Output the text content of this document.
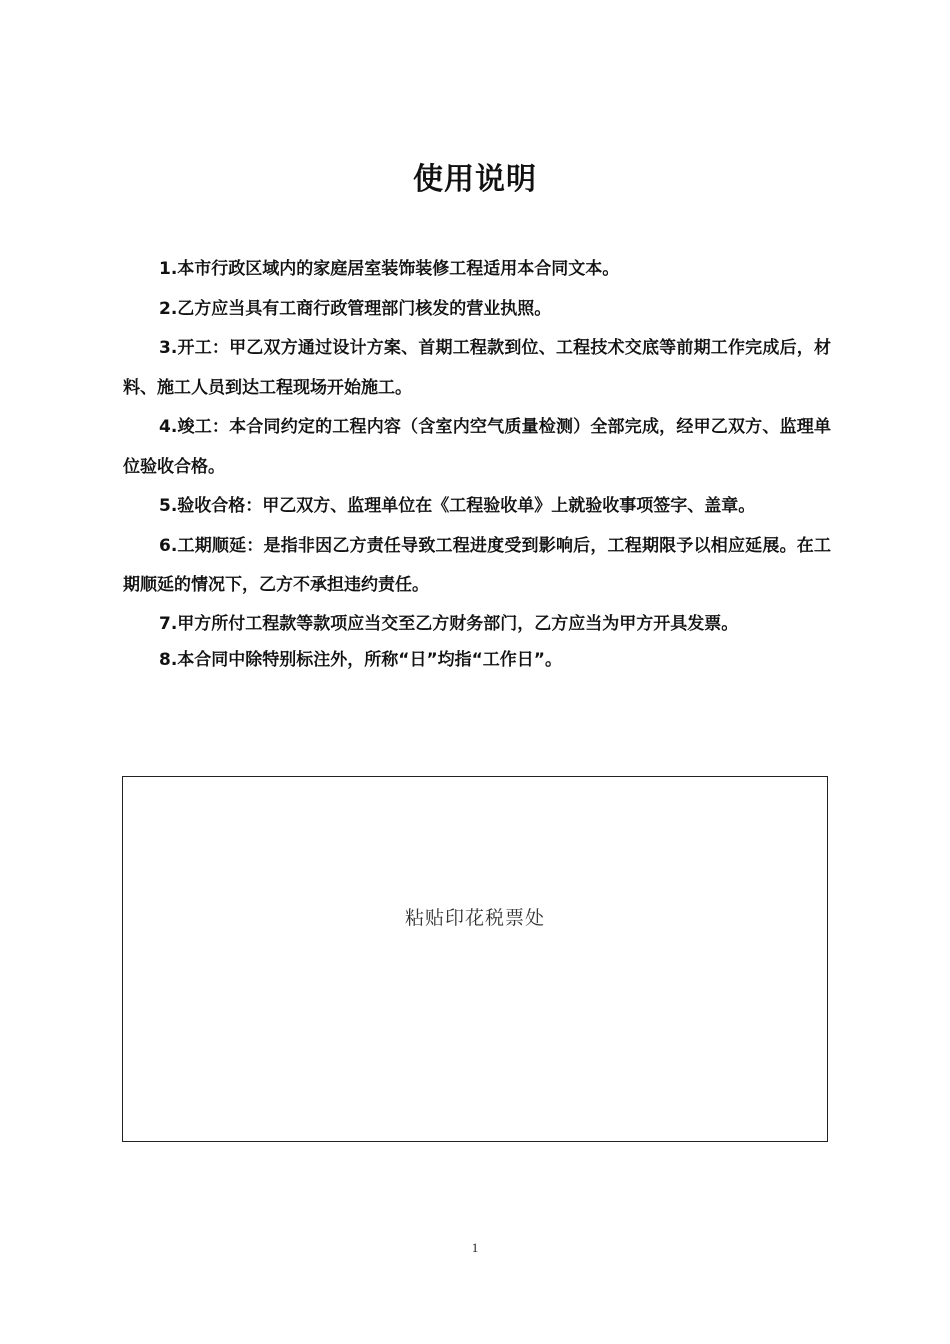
使用说明

1.本市行政区域内的家庭居室装饰装修工程适用本合同文本。

2.乙方应当具有工商行政管理部门核发的营业执照。

3.开工：甲乙双方通过设计方案、首期工程款到位、工程技术交底等前期工作完成后，材料、施工人员到达工程现场开始施工。

4.竣工：本合同约定的工程内容（含室内空气质量检测）全部完成，经甲乙双方、监理单位验收合格。

5.验收合格：甲乙双方、监理单位在《工程验收单》上就验收事项签字、盖章。

6.工期顺延：是指非因乙方责任导致工程进度受到影响后，工程期限予以相应延展。在工期顺延的情况下，乙方不承担违约责任。

7.甲方所付工程款等款项应当交至乙方财务部门，乙方应当为甲方开具发票。

8.本合同中除特别标注外，所称“日”均指“工作日”。

粘贴印花税票处
1
